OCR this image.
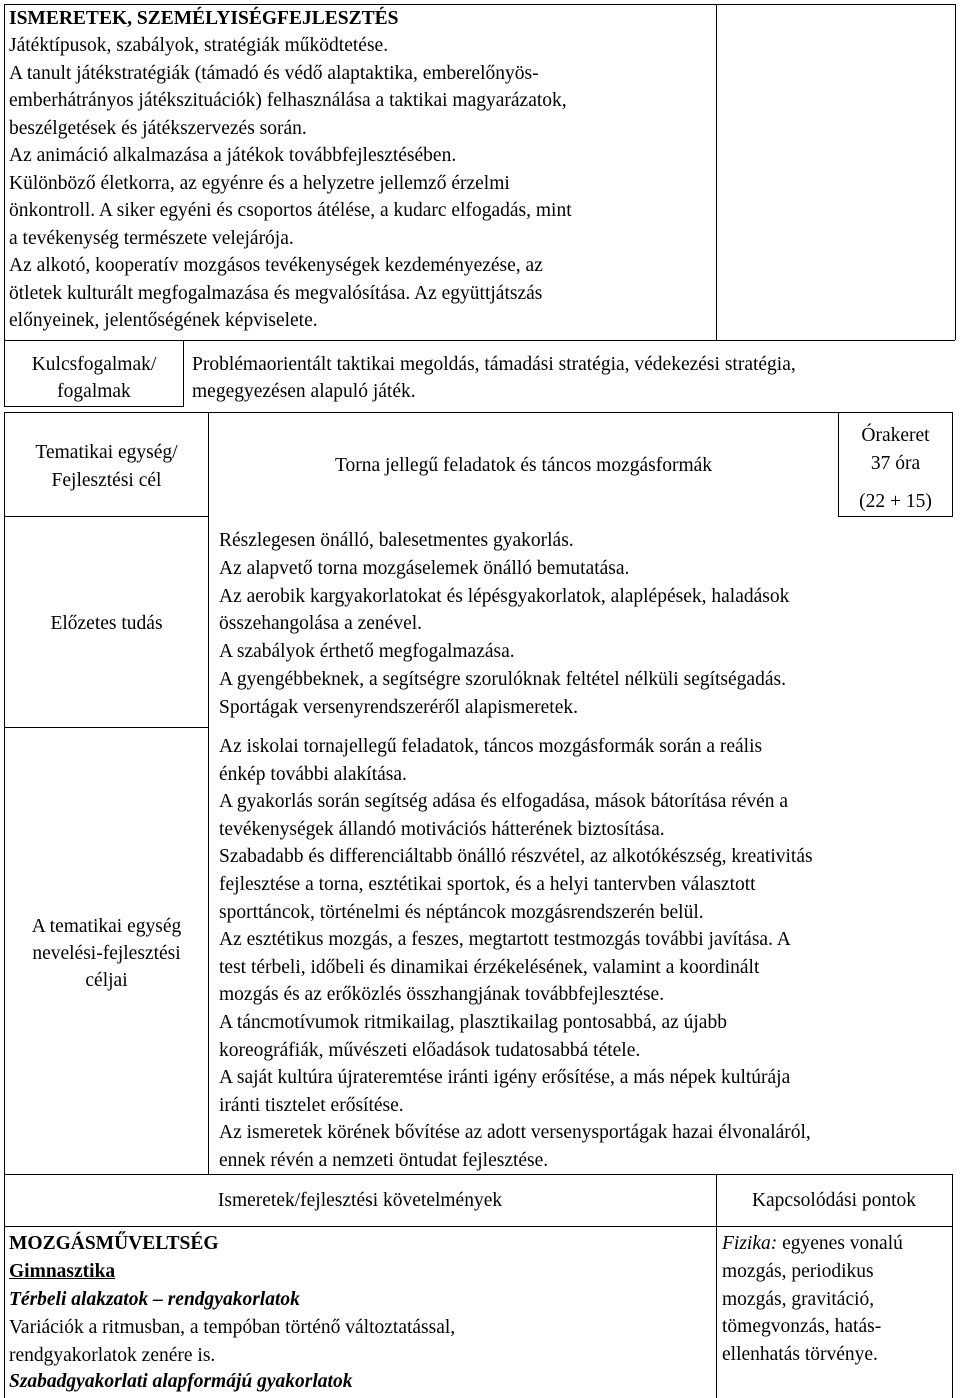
ISMERETEK, SZEMÉLYISÉGFEJLESZTÉS
Játéktípusok, szabályok, stratégiák működtetése.
A tanult játékstratégiák (támadó és védő alaptaktika, emberelőnyös-
emberhátrányos játékszituációk) felhasználása a taktikai magyarázatok,
beszélgetések és játékszervezés során.
Az animáció alkalmazása a játékok továbbfejlesztésében.
Különböző életkorra, az egyénre és a helyzetre jellemző érzelmi
önkontroll. A siker egyéni és csoportos átélése, a kudarc elfogadás, mint
a tevékenység természete velejárója.
Az alkotó, kooperatív mozgásos tevékenységek kezdeményezése, az
ötletek kulturált megfogalmazása és megvalósítása. Az együttjátszás
előnyeinek, jelentőségének képviselete.
Kulcsfogalmak/
fogalmak
Problémaorientált taktikai megoldás, támadási stratégia, védekezési stratégia,
megegyezésen alapuló játék.
Tematikai egység/
Fejlesztési cél
Torna jellegű feladatok és táncos mozgásformák
Órakeret
37 óra
(22 + 15)
Előzetes tudás
Részlegesen önálló, balesetmentes gyakorlás.
Az alapvető torna mozgáselemek önálló bemutatása.
Az aerobik kargyakorlatokat és lépésgyakorlatok, alaplépések, haladások
összehangolása a zenével.
A szabályok érthető megfogalmazása.
A gyengébbeknek, a segítségre szorulóknak feltétel nélküli segítségadás.
Sportágak versenyrendszeréről alapismeretek.
A tematikai egység
nevelési-fejlesztési
céljai
Az iskolai tornajellegű feladatok, táncos mozgásformák során a reális
énkép további alakítása.
A gyakorlás során segítség adása és elfogadása, mások bátorítása révén a
tevékenységek állandó motivációs hátterének biztosítása.
Szabadabb és differenciáltabb önálló részvétel, az alkotókészség, kreativitás
fejlesztése a torna, esztétikai sportok, és a helyi tantervben választott
sporttáncok, történelmi és néptáncok mozgásrendszerén belül.
Az esztétikus mozgás, a feszes, megtartott testmozgás további javítása. A
test térbeli, időbeli és dinamikai érzékelésének, valamint a koordinált
mozgás és az erőközlés összhangjának továbbfejlesztése.
A táncmotívumok ritmikailag, plasztikailag pontosabbá, az újabb
koreográfiák, művészeti előadások tudatosabbá tétele.
A saját kultúra újrateremtése iránti igény erősítése, a más népek kultúrája
iránti tisztelet erősítése.
Az ismeretek körének bővítése az adott versenysportágak hazai élvonaláról,
ennek révén a nemzeti öntudat fejlesztése.
Ismeretek/fejlesztési követelmények	Kapcsolódási pontok
MOZGÁSMŰVELTSÉG
Gimnasztika
Térbeli alakzatok – rendgyakorlatok
Variációk a ritmusban, a tempóban történő változtatással,
rendgyakorlatok zenére is.
Szabadgyakorlati alapformájú gyakorlatok
Fizika: egyenes vonalú
mozgás, periodikus
mozgás, gravitáció,
tömegvonzás, hatás-
ellenhatás törvénye.
